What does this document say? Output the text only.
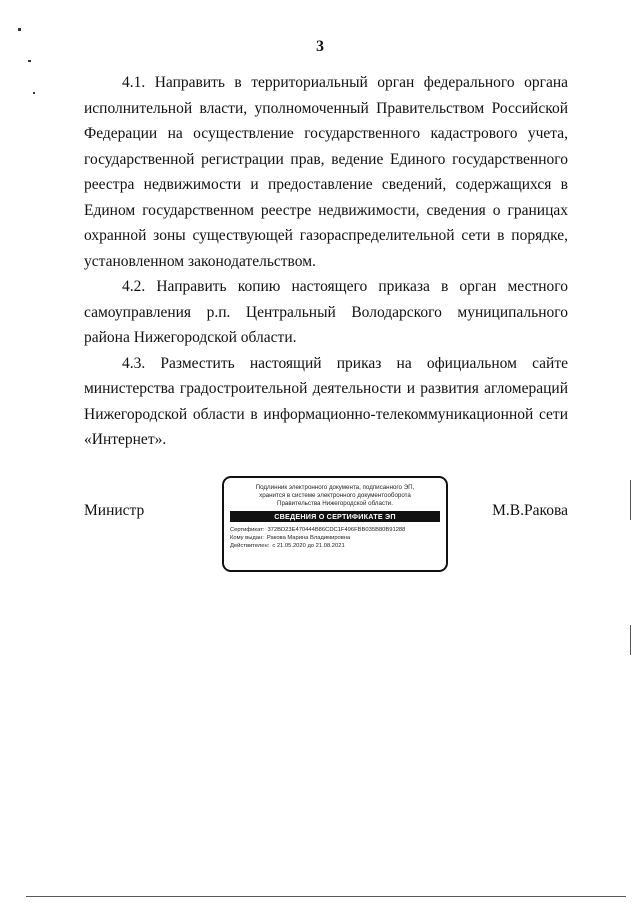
3

4.1. Направить в территориальный орган федерального органа исполнительной власти, уполномоченный Правительством Российской Федерации на осуществление государственного кадастрового учета, государственной регистрации прав, ведение Единого государственного реестра недвижимости и предоставление сведений, содержащихся в Едином государственном реестре недвижимости, сведения о границах охранной зоны существующей газораспределительной сети в порядке, установленном законодательством.

4.2. Направить копию настоящего приказа в орган местного самоуправления р.п. Центральный Володарского муниципального района Нижегородской области.

4.3. Разместить настоящий приказ на официальном сайте министерства градостроительной деятельности и развития агломераций Нижегородской области в информационно-телекоммуникационной сети «Интернет».

Министр	М.В.Ракова
Подлинник электронного документа, подписанного ЭП,
хранится в системе электронного документооборота
Правительства Нижегородской области.
СВЕДЕНИЯ О СЕРТИФИКАТЕ ЭП
Сертификат: 372BD23E470444B86CDC1F496FBB035B80B91288
Кому выдан: Ракова Марина Владимировна
Действителен: с 21.05.2020 до 21.08.2021
